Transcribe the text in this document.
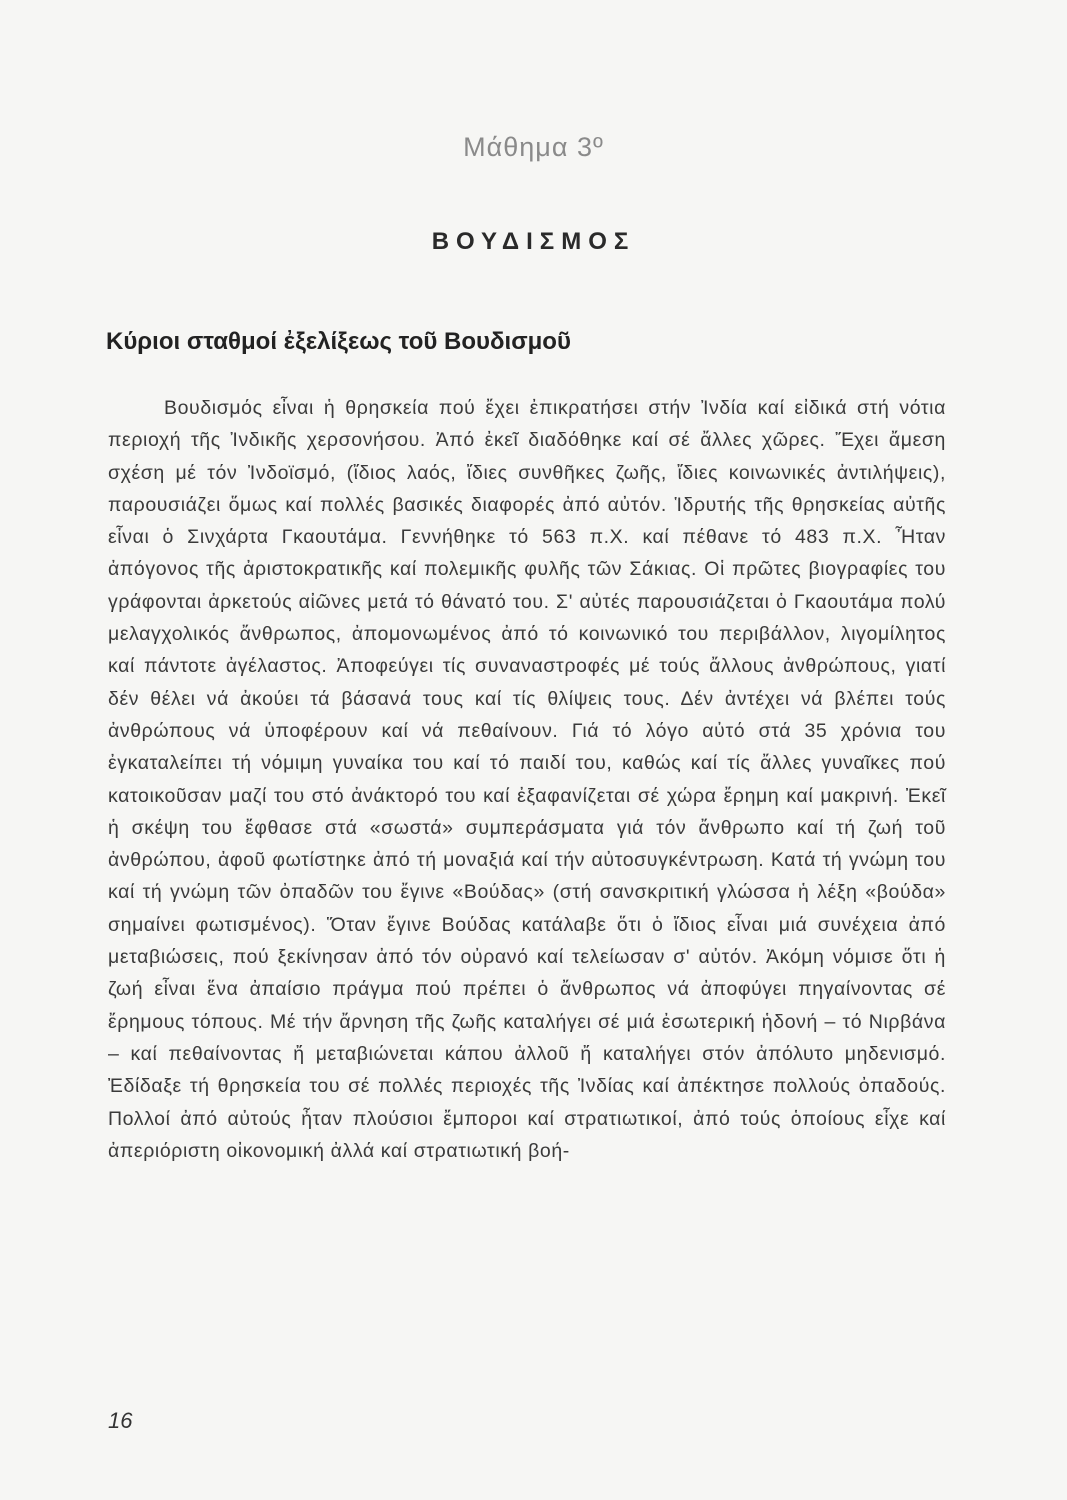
Μάθημα 3º
ΒΟΥΔΙΣΜΟΣ
Κύριοι σταθμοί ἐξελίξεως τοῦ Βουδισμοῦ

Βουδισμός εἶναι ἡ θρησκεία πού ἔχει ἐπικρατήσει στήν Ἰνδία καί εἰδικά στή νότια περιοχή τῆς Ἰνδικῆς χερσονήσου. Ἀπό ἐκεῖ διαδόθηκε καί σέ ἄλλες χῶρες. Ἔχει ἄμεση σχέση μέ τόν Ἰνδοϊσμό, (ἴδιος λαός, ἴδιες συνθῆκες ζωῆς, ἴδιες κοινωνικές ἀντιλήψεις), παρουσιάζει ὅμως καί πολλές βασικές διαφορές ἀπό αὐτόν. Ἱδρυτής τῆς θρησκείας αὐτῆς εἶναι ὁ Σινχάρτα Γκαουτάμα. Γεννήθηκε τό 563 π.Χ. καί πέθανε τό 483 π.Χ. Ἦταν ἀπόγονος τῆς ἀριστοκρατικῆς καί πολεμικῆς φυλῆς τῶν Σάκιας. Οἱ πρῶτες βιογραφίες του γράφονται ἀρκετούς αἰῶνες μετά τό θάνατό του. Σ' αὐτές παρουσιάζεται ὁ Γκαουτάμα πολύ μελαγχολικός ἄνθρωπος, ἀπομονωμένος ἀπό τό κοινωνικό του περιβάλλον, λιγομίλητος καί πάντοτε ἀγέλαστος. Ἀποφεύγει τίς συναναστροφές μέ τούς ἄλλους ἀνθρώπους, γιατί δέν θέλει νά ἀκούει τά βάσανά τους καί τίς θλίψεις τους. Δέν ἀντέχει νά βλέπει τούς ἀνθρώπους νά ὑποφέρουν καί νά πεθαίνουν. Γιά τό λόγο αὐτό στά 35 χρόνια του ἐγκαταλείπει τή νόμιμη γυναίκα του καί τό παιδί του, καθώς καί τίς ἄλλες γυναῖκες πού κατοικοῦσαν μαζί του στό ἀνάκτορό του καί ἐξαφανίζεται σέ χώρα ἔρημη καί μακρινή. Ἐκεῖ ἡ σκέψη του ἔφθασε στά «σωστά» συμπεράσματα γιά τόν ἄνθρωπο καί τή ζωή τοῦ ἀνθρώπου, ἀφοῦ φωτίστηκε ἀπό τή μοναξιά καί τήν αὐτοσυγκέντρωση. Κατά τή γνώμη του καί τή γνώμη τῶν ὀπαδῶν του ἔγινε «Βούδας» (στή σανσκριτική γλώσσα ἡ λέξη «βούδα» σημαίνει φωτισμένος). Ὅταν ἔγινε Βούδας κατάλαβε ὅτι ὁ ἴδιος εἶναι μιά συνέχεια ἀπό μεταβιώσεις, πού ξεκίνησαν ἀπό τόν οὐρανό καί τελείωσαν σ' αὐτόν. Ἀκόμη νόμισε ὅτι ἡ ζωή εἶναι ἕνα ἀπαίσιο πράγμα πού πρέπει ὁ ἄνθρωπος νά ἀποφύγει πηγαίνοντας σέ ἔρημους τόπους. Μέ τήν ἄρνηση τῆς ζωῆς καταλήγει σέ μιά ἐσωτερική ἡδονή – τό Νιρβάνα – καί πεθαίνοντας ἤ μεταβιώνεται κάπου ἀλλοῦ ἤ καταλήγει στόν ἀπόλυτο μηδενισμό. Ἐδίδαξε τή θρησκεία του σέ πολλές περιοχές τῆς Ἰνδίας καί ἀπέκτησε πολλούς ὀπαδούς. Πολλοί ἀπό αὐτούς ἦταν πλούσιοι ἔμποροι καί στρατιωτικοί, ἀπό τούς ὁποίους εἶχε καί ἀπεριόριστη οἰκονομική ἀλλά καί στρατιωτική βοή-

16
